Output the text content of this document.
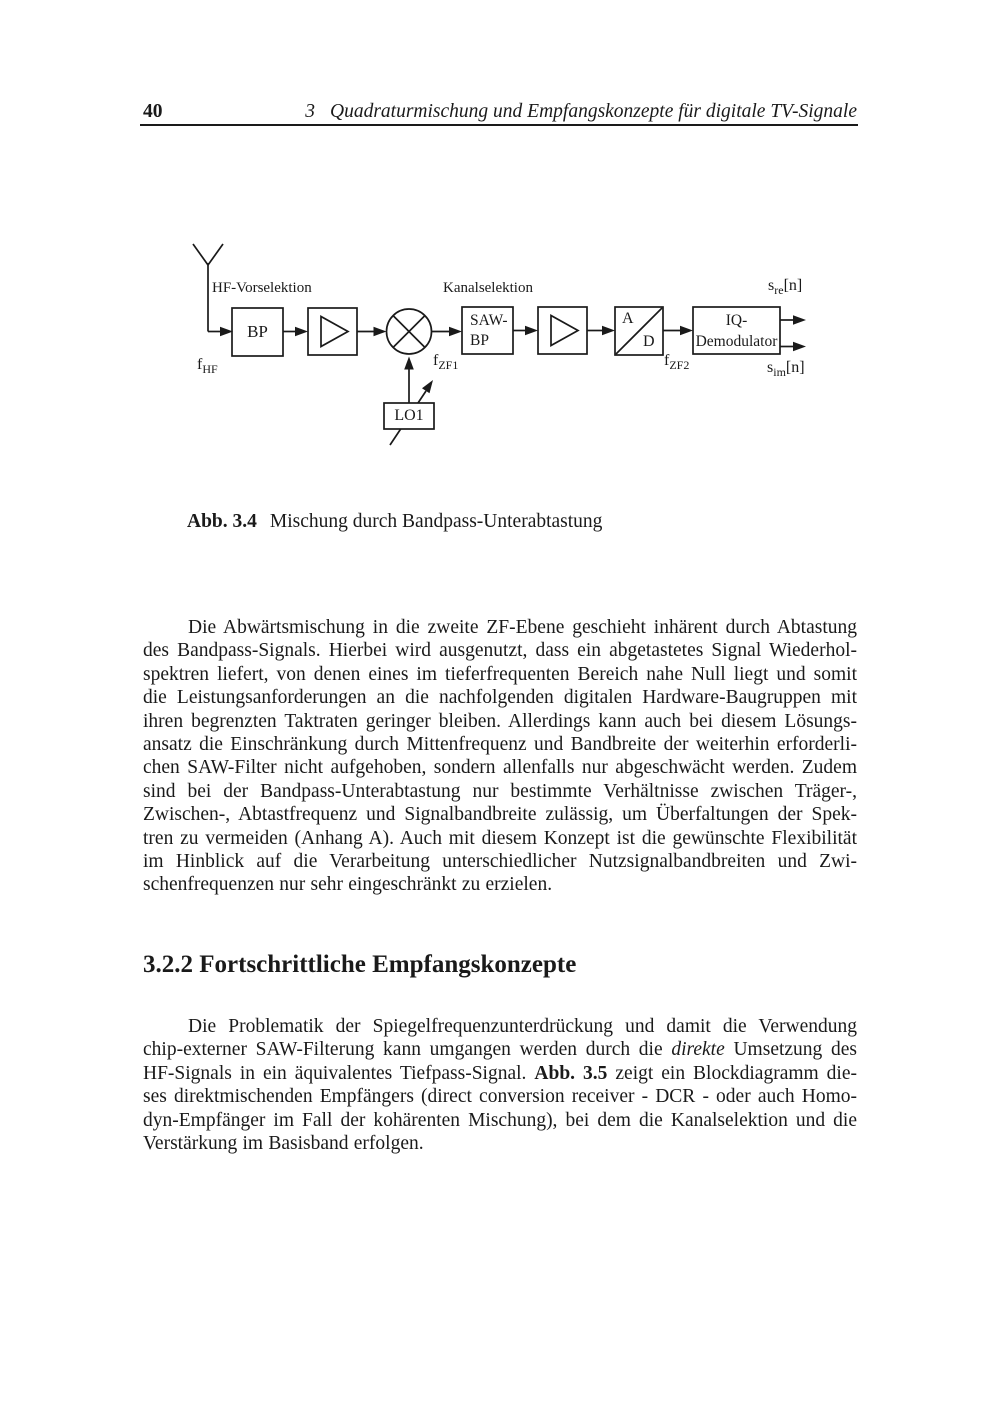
40	3 Quadraturmischung und Empfangskonzepte für digitale TV-Signale
HF-Vorselektion	Kanalselektion
BP
SAW-
BP
A
D
IQ-
Demodulator
LO1
$f_{HF}$	$f_{ZF1}$	$f_{ZF2}$
$s_{re}[n]$
$s_{im}[n]$
Abb. 3.4 Mischung durch Bandpass-Unterabtastung
Die Abwärtsmischung in die zweite ZF-Ebene geschieht inhärent durch Abtastung
des Bandpass-Signals. Hierbei wird ausgenutzt, dass ein abgetastetes Signal Wiederhol-
spektren liefert, von denen eines im tieferfrequenten Bereich nahe Null liegt und somit
die Leistungsanforderungen an die nachfolgenden digitalen Hardware-Baugruppen mit
ihren begrenzten Taktraten geringer bleiben. Allerdings kann auch bei diesem Lösungs-
ansatz die Einschränkung durch Mittenfrequenz und Bandbreite der weiterhin erforderli-
chen SAW-Filter nicht aufgehoben, sondern allenfalls nur abgeschwächt werden. Zudem
sind bei der Bandpass-Unterabtastung nur bestimmte Verhältnisse zwischen Träger-,
Zwischen-, Abtastfrequenz und Signalbandbreite zulässig, um Überfaltungen der Spek-
tren zu vermeiden (Anhang A). Auch mit diesem Konzept ist die gewünschte Flexibilität
im Hinblick auf die Verarbeitung unterschiedlicher Nutzsignalbandbreiten und Zwi-
schenfrequenzen nur sehr eingeschränkt zu erzielen.
3.2.2 Fortschrittliche Empfangskonzepte
Die Problematik der Spiegelfrequenzunterdrückung und damit die Verwendung
chip-externer SAW-Filterung kann umgangen werden durch die direkte Umsetzung des
HF-Signals in ein äquivalentes Tiefpass-Signal. Abb. 3.5 zeigt ein Blockdiagramm die-
ses direktmischenden Empfängers (direct conversion receiver - DCR - oder auch Homo-
dyn-Empfänger im Fall der kohärenten Mischung), bei dem die Kanalselektion und die
Verstärkung im Basisband erfolgen.
